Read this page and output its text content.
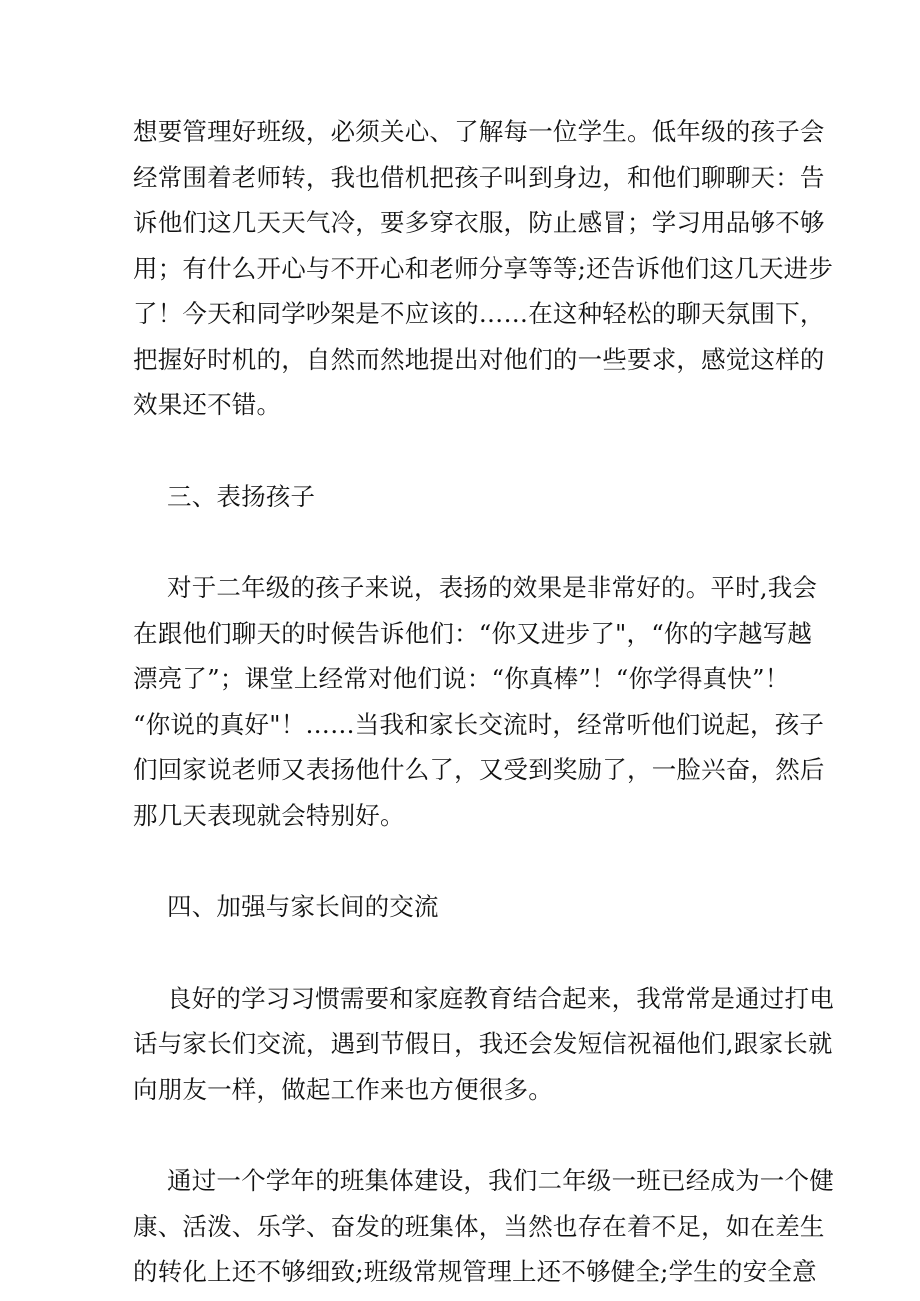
想要管理好班级，必须关心、了解每一位学生。低年级的孩子会
经常围着老师转，我也借机把孩子叫到身边，和他们聊聊天：告
诉他们这几天天气冷，要多穿衣服，防止感冒；学习用品够不够
用；有什么开心与不开心和老师分享等等;还告诉他们这几天进步
了！今天和同学吵架是不应该的……在这种轻松的聊天氛围下，
把握好时机的，自然而然地提出对他们的一些要求，感觉这样的
效果还不错。

三、表扬孩子

对于二年级的孩子来说，表扬的效果是非常好的。平时,我会
在跟他们聊天的时候告诉他们：“你又进步了"，“你的字越写越
漂亮了”；课堂上经常对他们说：“你真棒”！“你学得真快”！
“你说的真好"！……当我和家长交流时，经常听他们说起，孩子
们回家说老师又表扬他什么了，又受到奖励了，一脸兴奋，然后
那几天表现就会特别好。

四、加强与家长间的交流

良好的学习习惯需要和家庭教育结合起来，我常常是通过打电
话与家长们交流，遇到节假日，我还会发短信祝福他们,跟家长就
向朋友一样，做起工作来也方便很多。

通过一个学年的班集体建设，我们二年级一班已经成为一个健
康、活泼、乐学、奋发的班集体，当然也存在着不足，如在差生
的转化上还不够细致;班级常规管理上还不够健全;学生的安全意
